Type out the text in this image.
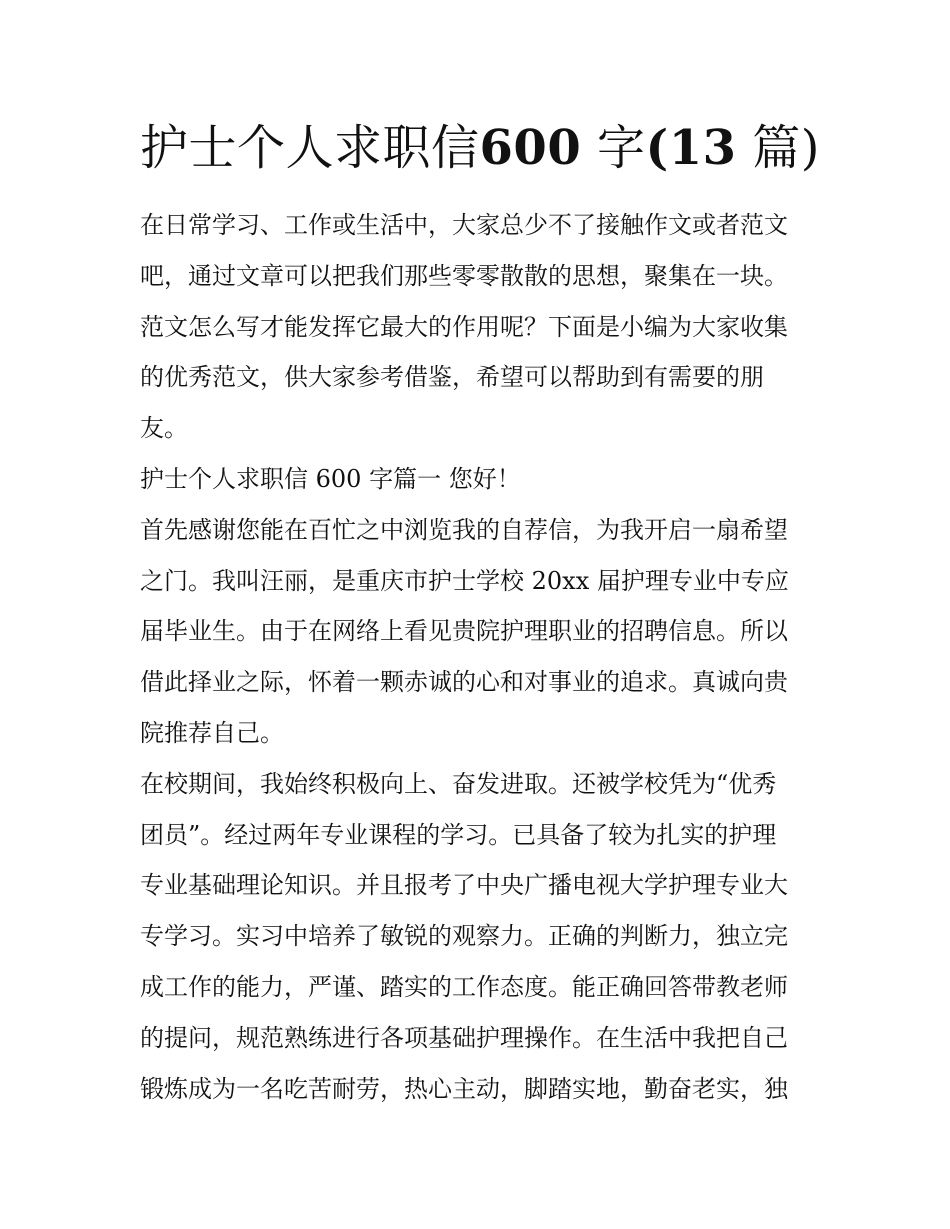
护士个人求职信600 字(13 篇)
在日常学习、工作或生活中，大家总少不了接触作文或者范文
吧，通过文章可以把我们那些零零散散的思想，聚集在一块。
范文怎么写才能发挥它最大的作用呢？下面是小编为大家收集
的优秀范文，供大家参考借鉴，希望可以帮助到有需要的朋
友。
护士个人求职信 600 字篇一 您好！
首先感谢您能在百忙之中浏览我的自荐信，为我开启一扇希望
之门。我叫汪丽，是重庆市护士学校 20xx 届护理专业中专应
届毕业生。由于在网络上看见贵院护理职业的招聘信息。所以
借此择业之际，怀着一颗赤诚的心和对事业的追求。真诚向贵
院推荐自己。
在校期间，我始终积极向上、奋发进取。还被学校凭为“优秀
团员”。经过两年专业课程的学习。已具备了较为扎实的护理
专业基础理论知识。并且报考了中央广播电视大学护理专业大
专学习。实习中培养了敏锐的观察力。正确的判断力，独立完
成工作的能力，严谨、踏实的工作态度。能正确回答带教老师
的提问，规范熟练进行各项基础护理操作。在生活中我把自己
锻炼成为一名吃苦耐劳，热心主动，脚踏实地，勤奋老实，独
